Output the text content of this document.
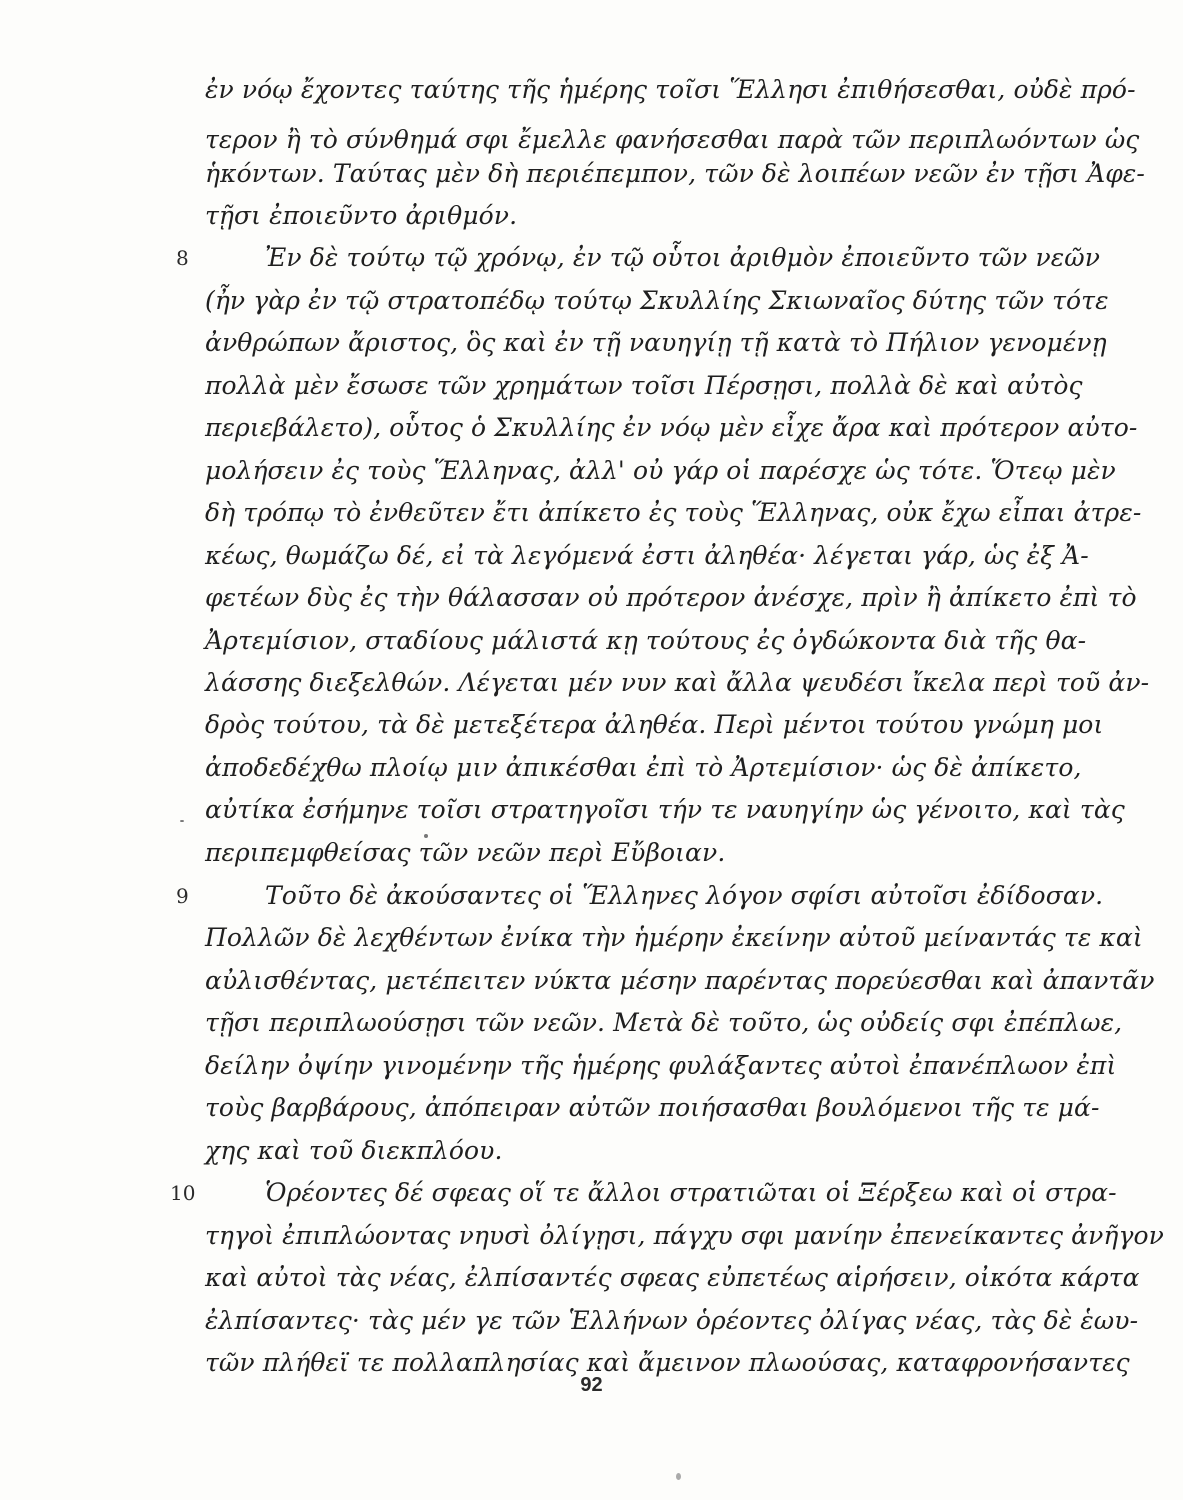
ἐν νόῳ ἔχοντες ταύτης τῆς ἡμέρης τοῖσι Ἕλλησι ἐπιθήσεσθαι, οὐδὲ πρό-
τερον ἢ τὸ σύνθημά σφι ἔμελλε φανήσεσθαι παρὰ τῶν περιπλωόντων ὡς
ἡκόντων. Ταύτας μὲν δὴ περιέπεμπον, τῶν δὲ λοιπέων νεῶν ἐν τῇσι Ἀφε-
τῇσι ἐποιεῦντο ἀριθμόν.
8	Ἐν δὲ τούτῳ τῷ χρόνῳ, ἐν τῷ οὗτοι ἀριθμὸν ἐποιεῦντο τῶν νεῶν
(ἦν γὰρ ἐν τῷ στρατοπέδῳ τούτῳ Σκυλλίης Σκιωναῖος δύτης τῶν τότε
ἀνθρώπων ἄριστος, ὃς καὶ ἐν τῇ ναυηγίῃ τῇ κατὰ τὸ Πήλιον γενομένῃ
πολλὰ μὲν ἔσωσε τῶν χρημάτων τοῖσι Πέρσῃσι, πολλὰ δὲ καὶ αὐτὸς
περιεβάλετο), οὗτος ὁ Σκυλλίης ἐν νόῳ μὲν εἶχε ἄρα καὶ πρότερον αὐτο-
μολήσειν ἐς τοὺς Ἕλληνας, ἀλλ' οὐ γάρ οἱ παρέσχε ὡς τότε. Ὅτεῳ μὲν
δὴ τρόπῳ τὸ ἐνθεῦτεν ἔτι ἀπίκετο ἐς τοὺς Ἕλληνας, οὐκ ἔχω εἶπαι ἀτρε-
κέως, θωμάζω δέ, εἰ τὰ λεγόμενά ἐστι ἀληθέα· λέγεται γάρ, ὡς ἐξ Ἀ-
φετέων δὺς ἐς τὴν θάλασσαν οὐ πρότερον ἀνέσχε, πρὶν ἢ ἀπίκετο ἐπὶ τὸ
Ἀρτεμίσιον, σταδίους μάλιστά κῃ τούτους ἐς ὀγδώκοντα διὰ τῆς θα-
λάσσης διεξελθών. Λέγεται μέν νυν καὶ ἄλλα ψευδέσι ἴκελα περὶ τοῦ ἀν-
δρὸς τούτου, τὰ δὲ μετεξέτερα ἀληθέα. Περὶ μέντοι τούτου γνώμη μοι
ἀποδεδέχθω πλοίῳ μιν ἀπικέσθαι ἐπὶ τὸ Ἀρτεμίσιον· ὡς δὲ ἀπίκετο,
αὐτίκα ἐσήμηνε τοῖσι στρατηγοῖσι τήν τε ναυηγίην ὡς γένοιτο, καὶ τὰς
περιπεμφθείσας τῶν νεῶν περὶ Εὔβοιαν.
9	Τοῦτο δὲ ἀκούσαντες οἱ Ἕλληνες λόγον σφίσι αὐτοῖσι ἐδίδοσαν.
Πολλῶν δὲ λεχθέντων ἐνίκα τὴν ἡμέρην ἐκείνην αὐτοῦ μείναντάς τε καὶ
αὐλισθέντας, μετέπειτεν νύκτα μέσην παρέντας πορεύεσθαι καὶ ἀπαντᾶν
τῇσι περιπλωούσῃσι τῶν νεῶν. Μετὰ δὲ τοῦτο, ὡς οὐδείς σφι ἐπέπλωε,
δείλην ὀψίην γινομένην τῆς ἡμέρης φυλάξαντες αὐτοὶ ἐπανέπλωον ἐπὶ
τοὺς βαρβάρους, ἀπόπειραν αὐτῶν ποιήσασθαι βουλόμενοι τῆς τε μά-
χης καὶ τοῦ διεκπλόου.
10	Ὁρέοντες δέ σφεας οἵ τε ἄλλοι στρατιῶται οἱ Ξέρξεω καὶ οἱ στρα-
τηγοὶ ἐπιπλώοντας νηυσὶ ὀλίγῃσι, πάγχυ σφι μανίην ἐπενείκαντες ἀνῆγον
καὶ αὐτοὶ τὰς νέας, ἐλπίσαντές σφεας εὐπετέως αἱρήσειν, οἰκότα κάρτα
ἐλπίσαντες· τὰς μέν γε τῶν Ἑλλήνων ὁρέοντες ὀλίγας νέας, τὰς δὲ ἑωυ-
τῶν πλήθεϊ τε πολλαπλησίας καὶ ἄμεινον πλωούσας, καταφρονήσαντες
92
